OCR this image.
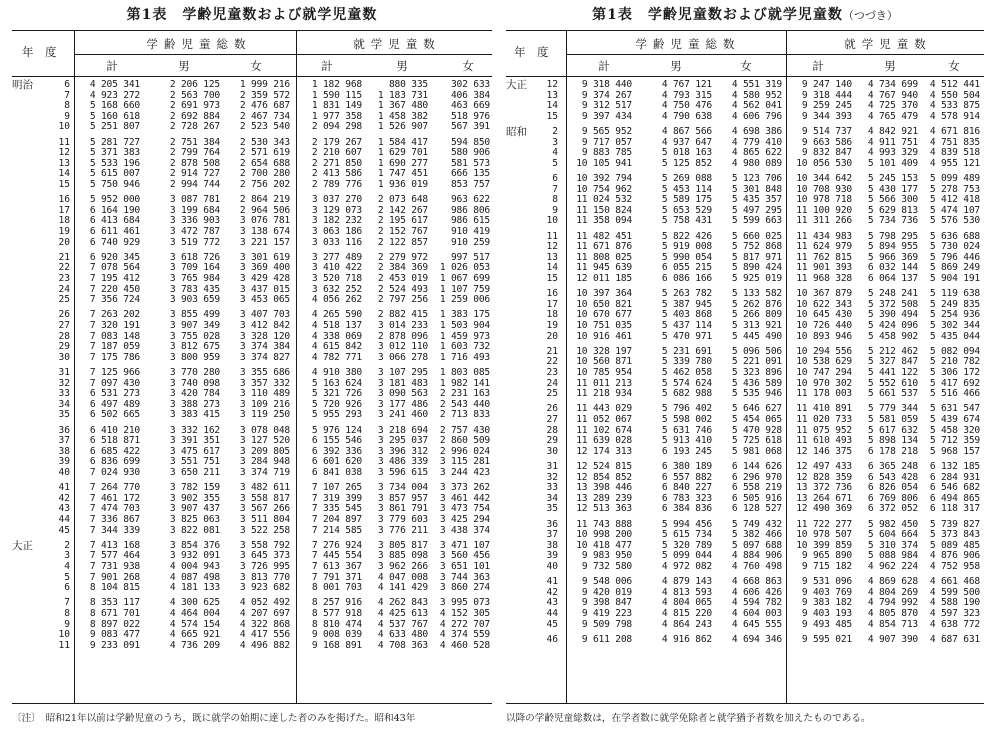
第1表　学齢児童数および就学児童数
学齢児童総数	就学児童数
年　度
計	男	女	計	男	女
明治	6	4 205 341	2 206 125	1 999 216	1 182 968	880 335	302 633
7	4 923 272	2 563 700	2 359 572	1 590 115	1 183 731	406 384
8	5 168 660	2 691 973	2 476 687	1 831 149	1 367 480	463 669
9	5 160 618	2 692 884	2 467 734	1 977 358	1 458 382	518 976
10	5 251 807	2 728 267	2 523 540	2 094 298	1 526 907	567 391
11	5 281 727	2 751 384	2 530 343	2 179 267	1 584 417	594 850
12	5 371 383	2 799 764	2 571 619	2 210 607	1 629 701	580 906
13	5 533 196	2 878 508	2 654 688	2 271 850	1 690 277	581 573
14	5 615 007	2 914 727	2 700 280	2 413 586	1 747 451	666 135
15	5 750 946	2 994 744	2 756 202	2 789 776	1 936 019	853 757
16	5 952 000	3 087 781	2 864 219	3 037 270	2 073 648	963 622
17	6 164 190	3 199 684	2 964 506	3 129 073	2 142 267	986 806
18	6 413 684	3 336 903	3 076 781	3 182 232	2 195 617	986 615
19	6 611 461	3 472 787	3 138 674	3 063 186	2 152 767	910 419
20	6 740 929	3 519 772	3 221 157	3 033 116	2 122 857	910 259
21	6 920 345	3 618 726	3 301 619	3 277 489	2 279 972	997 517
22	7 078 564	3 709 164	3 369 400	3 410 422	2 384 369	1 026 053
23	7 195 412	3 765 984	3 429 428	3 520 718	2 453 019	1 067 699
24	7 220 450	3 783 435	3 437 015	3 632 252	2 524 493	1 107 759
25	7 356 724	3 903 659	3 453 065	4 056 262	2 797 256	1 259 006
26	7 263 202	3 855 499	3 407 703	4 265 590	2 882 415	1 383 175
27	7 320 191	3 907 349	3 412 842	4 518 137	3 014 233	1 503 904
28	7 083 148	3 755 028	3 328 120	4 338 069	2 878 096	1 459 973
29	7 187 059	3 812 675	3 374 384	4 615 842	3 012 110	1 603 732
30	7 175 786	3 800 959	3 374 827	4 782 771	3 066 278	1 716 493
31	7 125 966	3 770 280	3 355 686	4 910 380	3 107 295	1 803 085
32	7 097 430	3 740 098	3 357 332	5 163 624	3 181 483	1 982 141
33	6 531 273	3 420 784	3 110 489	5 321 726	3 090 563	2 231 163
34	6 497 489	3 388 273	3 109 216	5 720 926	3 177 486	2 543 440
35	6 502 665	3 383 415	3 119 250	5 955 293	3 241 460	2 713 833
36	6 410 210	3 332 162	3 078 048	5 976 124	3 218 694	2 757 430
37	6 518 871	3 391 351	3 127 520	6 155 546	3 295 037	2 860 509
38	6 685 422	3 475 617	3 209 805	6 392 336	3 396 312	2 996 024
39	6 836 699	3 551 751	3 284 948	6 601 620	3 486 339	3 115 281
40	7 024 930	3 650 211	3 374 719	6 841 038	3 596 615	3 244 423
41	7 264 770	3 782 159	3 482 611	7 107 265	3 734 004	3 373 262
42	7 461 172	3 902 355	3 558 817	7 319 399	3 857 957	3 461 442
43	7 474 703	3 907 437	3 567 266	7 335 545	3 861 791	3 473 754
44	7 336 867	3 825 063	3 511 804	7 204 897	3 779 603	3 425 294
45	7 344 339	3 822 081	3 522 258	7 214 585	3 776 211	3 438 374
大正	2	7 413 168	3 854 376	3 558 792	7 276 924	3 805 817	3 471 107
3	7 577 464	3 932 091	3 645 373	7 445 554	3 885 098	3 560 456
4	7 731 938	4 004 943	3 726 995	7 613 367	3 962 266	3 651 101
5	7 901 268	4 087 498	3 813 770	7 791 371	4 047 008	3 744 363
6	8 104 815	4 181 133	3 923 682	8 001 703	4 141 429	3 860 274
7	8 353 117	4 300 625	4 052 492	8 257 916	4 262 843	3 995 073
8	8 671 701	4 464 004	4 207 697	8 577 918	4 425 613	4 152 305
9	8 897 022	4 574 154	4 322 868	8 810 474	4 537 767	4 272 707
10	9 083 477	4 665 921	4 417 556	9 008 039	4 633 480	4 374 559
11	9 233 091	4 736 209	4 496 882	9 168 891	4 708 363	4 460 528
第1表　学齢児童数および就学児童数（つづき）
学齢児童総数	就学児童数
年　度
計	男	女	計	男	女
大正	12	9 318 440	4 767 121	4 551 319	9 247 140	4 734 699	4 512 441
13	9 374 267	4 793 315	4 580 952	9 318 444	4 767 940	4 550 504
14	9 312 517	4 750 476	4 562 041	9 259 245	4 725 370	4 533 875
15	9 397 434	4 790 638	4 606 796	9 344 393	4 765 479	4 578 914
昭和	2	9 565 952	4 867 566	4 698 386	9 514 737	4 842 921	4 671 816
3	9 717 057	4 937 647	4 779 410	9 663 586	4 911 751	4 751 835
4	9 883 785	5 018 163	4 865 622	9 832 847	4 993 329	4 839 518
5	10 105 941	5 125 852	4 980 089	10 056 530	5 101 409	4 955 121
6	10 392 794	5 269 088	5 123 706	10 344 642	5 245 153	5 099 489
7	10 754 962	5 453 114	5 301 848	10 708 930	5 430 177	5 278 753
8	11 024 532	5 589 175	5 435 357	10 978 718	5 566 300	5 412 418
9	11 150 824	5 653 529	5 497 295	11 100 920	5 629 813	5 474 107
10	11 358 094	5 758 431	5 599 663	11 311 266	5 734 736	5 576 530
11	11 482 451	5 822 426	5 660 025	11 434 983	5 798 295	5 636 688
12	11 671 876	5 919 008	5 752 868	11 624 979	5 894 955	5 730 024
13	11 808 025	5 990 054	5 817 971	11 762 815	5 966 369	5 796 446
14	11 945 639	6 055 215	5 890 424	11 901 393	6 032 144	5 869 249
15	12 011 185	6 086 166	5 925 019	11 968 328	6 064 137	5 904 191
16	10 397 364	5 263 782	5 133 582	10 367 879	5 248 241	5 119 638
17	10 650 821	5 387 945	5 262 876	10 622 343	5 372 508	5 249 835
18	10 670 677	5 403 868	5 266 809	10 645 430	5 390 494	5 254 936
19	10 751 035	5 437 114	5 313 921	10 726 440	5 424 096	5 302 344
20	10 916 461	5 470 971	5 445 490	10 893 946	5 458 902	5 435 044
21	10 328 197	5 231 691	5 096 506	10 294 556	5 212 462	5 082 094
22	10 560 871	5 339 780	5 221 091	10 538 629	5 327 847	5 210 782
23	10 785 954	5 462 058	5 323 896	10 747 294	5 441 122	5 306 172
24	11 011 213	5 574 624	5 436 589	10 970 302	5 552 610	5 417 692
25	11 218 934	5 682 988	5 535 946	11 178 003	5 661 537	5 516 466
26	11 443 029	5 796 402	5 646 627	11 410 891	5 779 344	5 631 547
27	11 052 067	5 598 002	5 454 065	11 020 733	5 581 059	5 439 674
28	11 102 674	5 631 746	5 470 928	11 075 952	5 617 632	5 458 320
29	11 639 028	5 913 410	5 725 618	11 610 493	5 898 134	5 712 359
30	12 174 313	6 193 245	5 981 068	12 146 375	6 178 218	5 968 157
31	12 524 815	6 380 189	6 144 626	12 497 433	6 365 248	6 132 185
32	12 854 852	6 557 882	6 296 970	12 828 359	6 543 428	6 284 931
33	13 398 446	6 840 227	6 558 219	13 372 736	6 826 054	6 546 682
34	13 289 239	6 783 323	6 505 916	13 264 671	6 769 806	6 494 865
35	12 513 363	6 384 836	6 128 527	12 490 369	6 372 052	6 118 317
36	11 743 888	5 994 456	5 749 432	11 722 277	5 982 450	5 739 827
37	10 998 200	5 615 734	5 382 466	10 978 507	5 604 664	5 373 843
38	10 418 477	5 320 789	5 097 688	10 399 859	5 310 374	5 089 485
39	9 983 950	5 099 044	4 884 906	9 965 890	5 088 984	4 876 906
40	9 732 580	4 972 082	4 760 498	9 715 182	4 962 224	4 752 958
41	9 548 006	4 879 143	4 668 863	9 531 096	4 869 628	4 661 468
42	9 420 019	4 813 593	4 606 426	9 403 769	4 804 269	4 599 500
43	9 398 847	4 804 065	4 594 782	9 383 182	4 794 992	4 588 190
44	9 419 223	4 815 220	4 604 003	9 403 193	4 805 870	4 597 323
45	9 509 798	4 864 243	4 645 555	9 493 485	4 854 713	4 638 772
46	9 611 208	4 916 862	4 694 346	9 595 021	4 907 390	4 687 631
〔注〕　昭和21年以前は学齢児童のうち，既に就学の始期に達した者のみを掲げた。昭和43年	以降の学齢児童総数は，在学者数に就学免除者と就学猶予者数を加えたものである。
